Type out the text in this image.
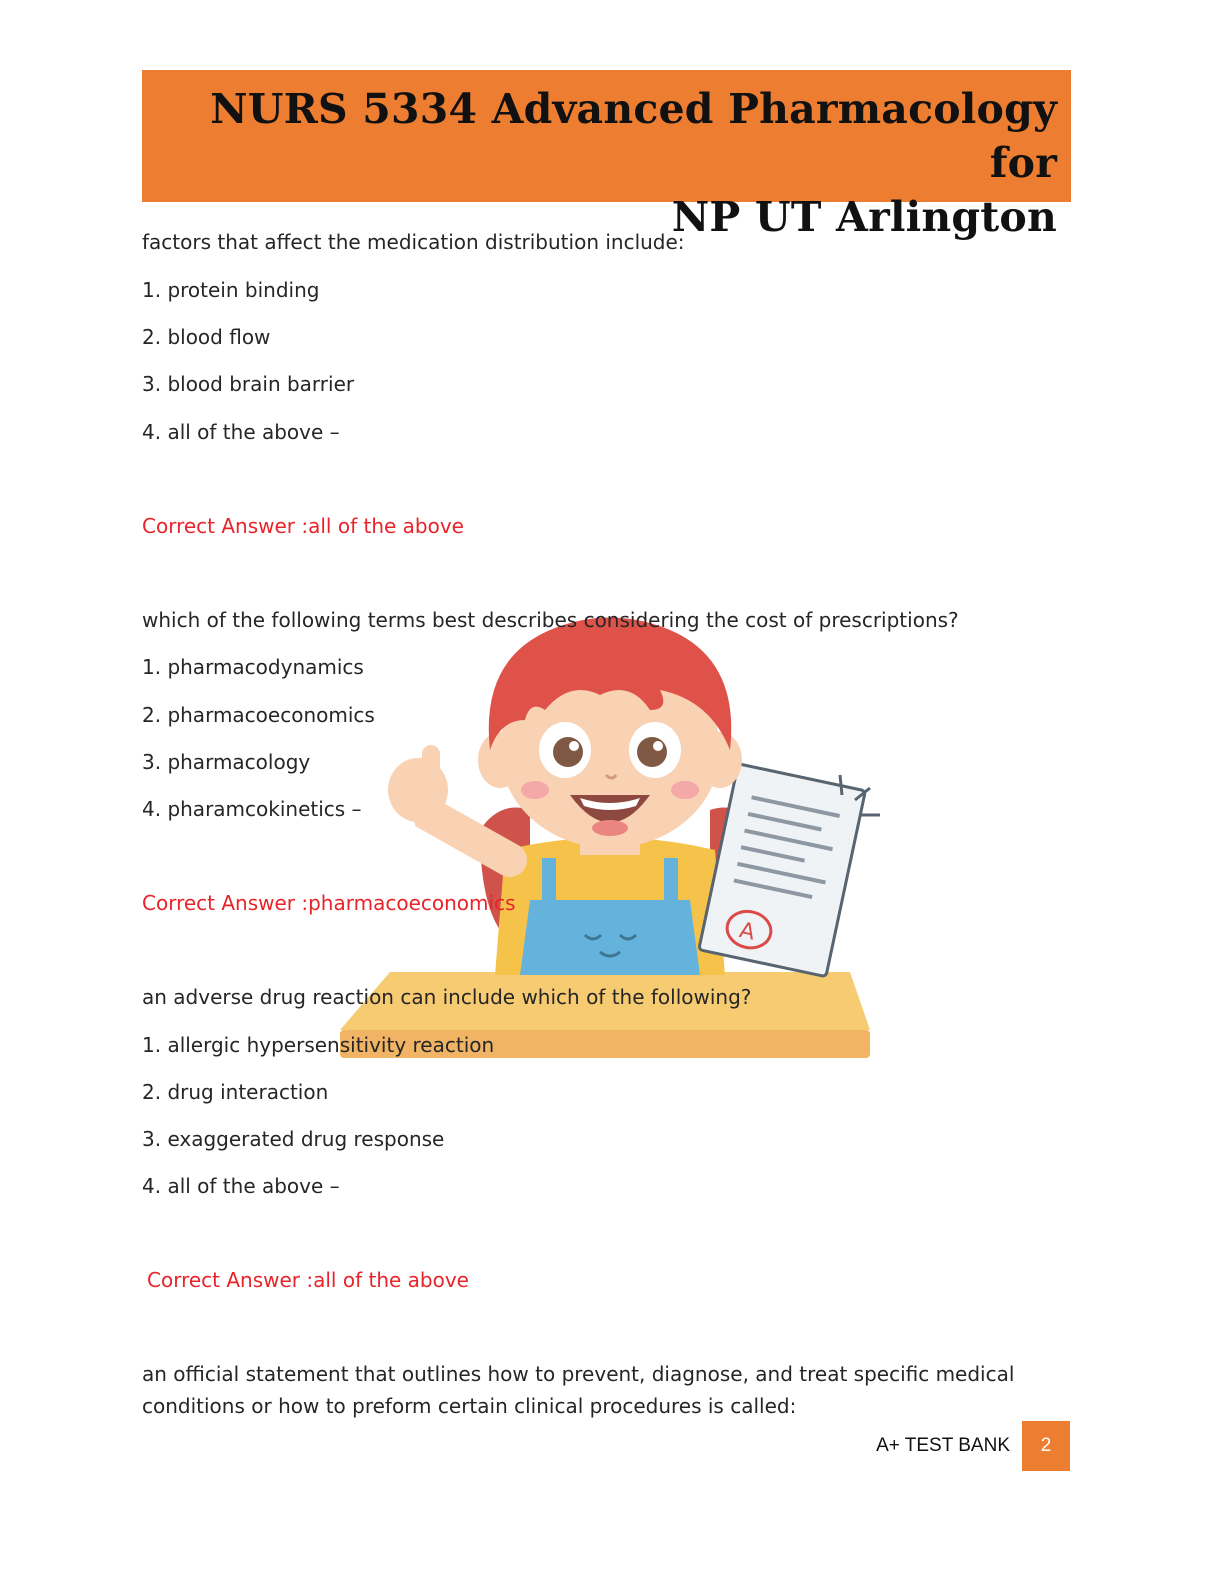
NURS 5334 Advanced Pharmacology for
NP UT Arlington
A
factors that affect the medication distribution include:
1. protein binding
2. blood flow
3. blood brain barrier
4. all of the above –
Correct Answer :all of the above
which of the following terms best describes considering the cost of prescriptions?
1. pharmacodynamics
2. pharmacoeconomics
3. pharmacology
4. pharamcokinetics –
Correct Answer :pharmacoeconomics
an adverse drug reaction can include which of the following?
1. allergic hypersensitivity reaction
2. drug interaction
3. exaggerated drug response
4. all of the above –
Correct Answer :all of the above
an official statement that outlines how to prevent, diagnose, and treat specific medical
conditions or how to preform certain clinical procedures is called:
A+ TEST BANK	2
